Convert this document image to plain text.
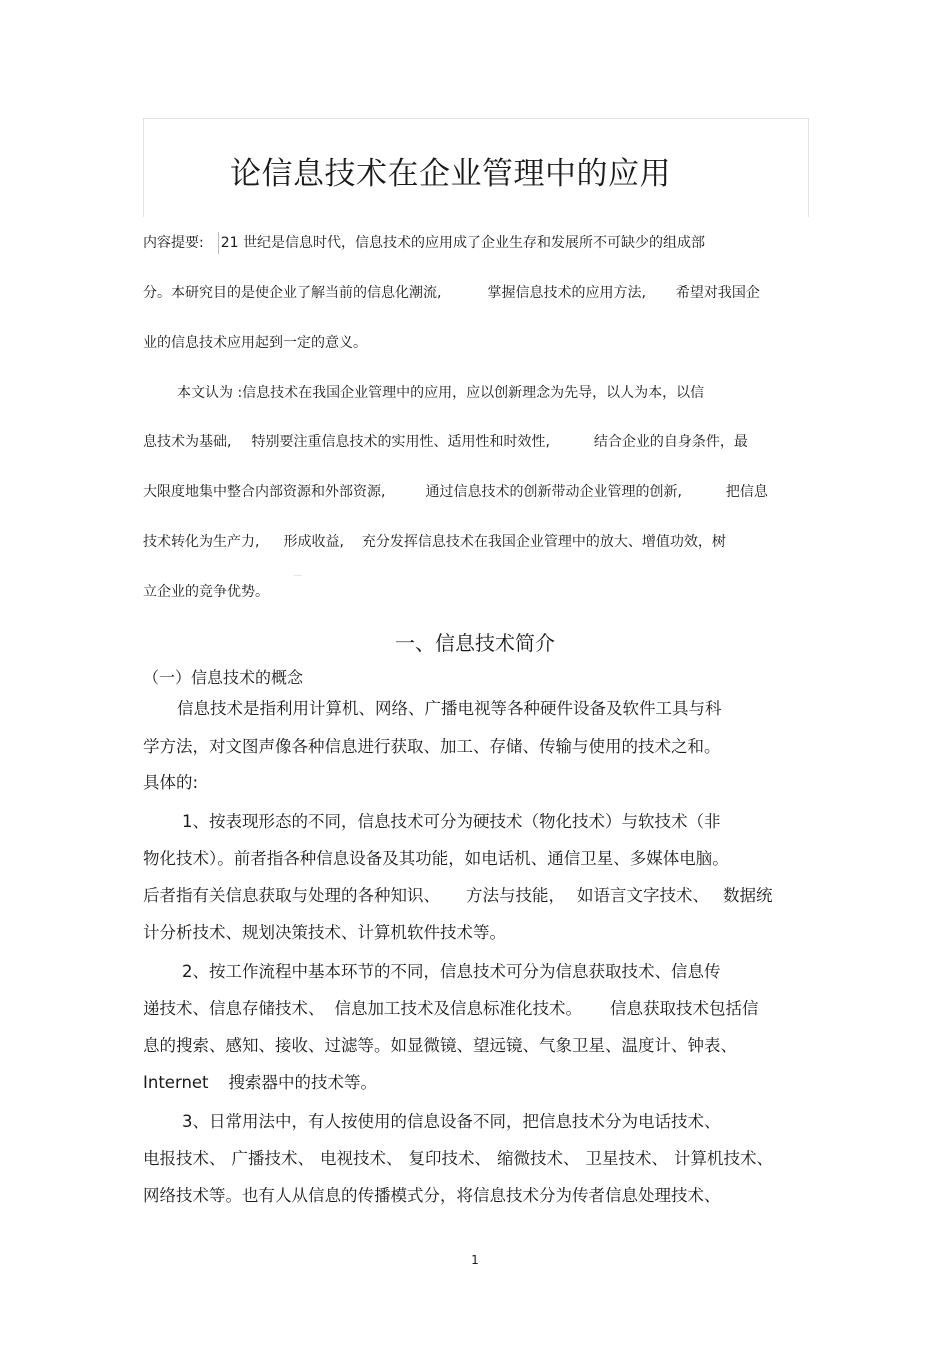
论信息技术在企业管理中的应用
内容提要: 21 世纪是信息时代，信息技术的应用成了企业生存和发展所不可缺少的组成部
分。本研究目的是使企业了解当前的信息化潮流,	掌握信息技术的应用方法, 希望对我国企
业的信息技术应用起到一定的意义。
本文认为 :信息技术在我国企业管理中的应用，应以创新理念为先导，以人为本，以信
息技术为基础, 特别要注重信息技术的实用性、适用性和时效性,	结合企业的自身条件，最
大限度地集中整合内部资源和外部资源,	通过信息技术的创新带动企业管理的创新,	把信息
技术转化为生产力, 形成收益, 充分发挥信息技术在我国企业管理中的放大、增值功效，树
立企业的竞争优势。
一、信息技术简介
（一）信息技术的概念
信息技术是指利用计算机、网络、广播电视等各种硬件设备及软件工具与科
学方法，对文图声像各种信息进行获取、加工、存储、传输与使用的技术之和。
具体的:
1、按表现形态的不同，信息技术可分为硬技术（物化技术）与软技术（非
物化技术）。前者指各种信息设备及其功能，如电话机、通信卫星、多媒体电脑。
后者指有关信息获取与处理的各种知识、 方法与技能， 如语言文字技术、 数据统
计分析技术、规划决策技术、计算机软件技术等。
2、按工作流程中基本环节的不同，信息技术可分为信息获取技术、信息传
递技术、信息存储技术、 信息加工技术及信息标准化技术。 信息获取技术包括信
息的搜索、感知、接收、过滤等。如显微镜、望远镜、气象卫星、温度计、钟表、
Internet 搜索器中的技术等。
3、日常用法中，有人按使用的信息设备不同，把信息技术分为电话技术、
电报技术、 广播技术、 电视技术、 复印技术、 缩微技术、 卫星技术、 计算机技术、
网络技术等。也有人从信息的传播模式分，将信息技术分为传者信息处理技术、
1
